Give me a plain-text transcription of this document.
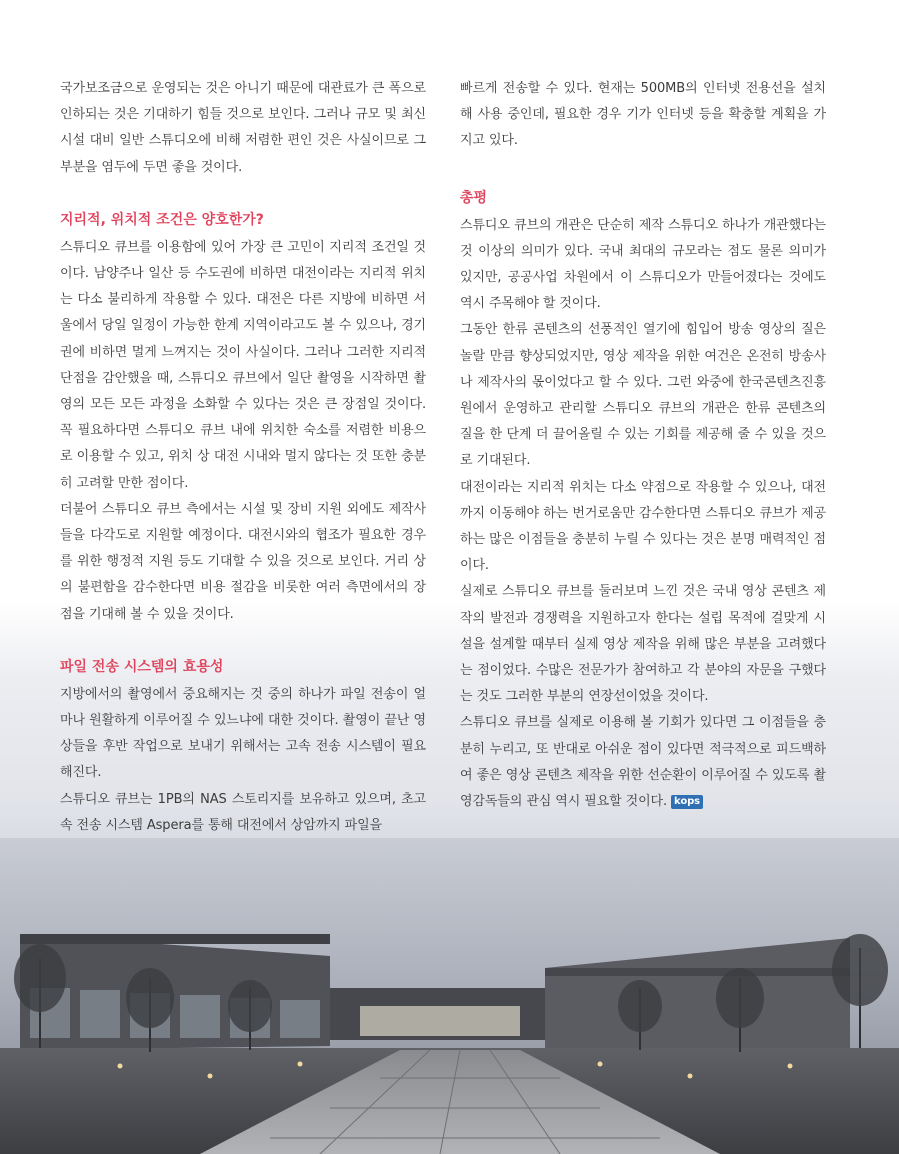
국가보조금으로 운영되는 것은 아니기 때문에 대관료가 큰 폭으로 인하되는 것은 기대하기 힘들 것으로 보인다. 그러나 규모 및 최신 시설 대비 일반 스튜디오에 비해 저렴한 편인 것은 사실이므로 그 부분을 염두에 두면 좋을 것이다.

지리적, 위치적 조건은 양호한가?

스튜디오 큐브를 이용함에 있어 가장 큰 고민이 지리적 조건일 것이다. 남양주나 일산 등 수도권에 비하면 대전이라는 지리적 위치는 다소 불리하게 작용할 수 있다. 대전은 다른 지방에 비하면 서울에서 당일 일정이 가능한 한계 지역이라고도 볼 수 있으나, 경기권에 비하면 멀게 느껴지는 것이 사실이다. 그러나 그러한 지리적 단점을 감안했을 때, 스튜디오 큐브에서 일단 촬영을 시작하면 촬영의 모든 모든 과정을 소화할 수 있다는 것은 큰 장점일 것이다. 꼭 필요하다면 스튜디오 큐브 내에 위치한 숙소를 저렴한 비용으로 이용할 수 있고, 위치 상 대전 시내와 멀지 않다는 것 또한 충분히 고려할 만한 점이다.

더불어 스튜디오 큐브 측에서는 시설 및 장비 지원 외에도 제작사들을 다각도로 지원할 예정이다. 대전시와의 협조가 필요한 경우를 위한 행정적 지원 등도 기대할 수 있을 것으로 보인다. 거리 상의 불편함을 감수한다면 비용 절감을 비롯한 여러 측면에서의 장점을 기대해 볼 수 있을 것이다.

파일 전송 시스템의 효용성

지방에서의 촬영에서 중요해지는 것 중의 하나가 파일 전송이 얼마나 원활하게 이루어질 수 있느냐에 대한 것이다. 촬영이 끝난 영상들을 후반 작업으로 보내기 위해서는 고속 전송 시스템이 필요해진다.

스튜디오 큐브는 1PB의 NAS 스토리지를 보유하고 있으며, 초고속 전송 시스템 Aspera를 통해 대전에서 상암까지 파일을

빠르게 전송할 수 있다. 현재는 500MB의 인터넷 전용선을 설치해 사용 중인데, 필요한 경우 기가 인터넷 등을 확충할 계획을 가지고 있다.

총평

스튜디오 큐브의 개관은 단순히 제작 스튜디오 하나가 개관했다는 것 이상의 의미가 있다. 국내 최대의 규모라는 점도 물론 의미가 있지만, 공공사업 차원에서 이 스튜디오가 만들어졌다는 것에도 역시 주목해야 할 것이다.

그동안 한류 콘텐츠의 선풍적인 열기에 힘입어 방송 영상의 질은 놀랄 만큼 향상되었지만, 영상 제작을 위한 여건은 온전히 방송사나 제작사의 몫이었다고 할 수 있다. 그런 와중에 한국콘텐츠진흥원에서 운영하고 관리할 스튜디오 큐브의 개관은 한류 콘텐츠의 질을 한 단계 더 끌어올릴 수 있는 기회를 제공해 줄 수 있을 것으로 기대된다.

대전이라는 지리적 위치는 다소 약점으로 작용할 수 있으나, 대전까지 이동해야 하는 번거로움만 감수한다면 스튜디오 큐브가 제공하는 많은 이점들을 충분히 누릴 수 있다는 것은 분명 매력적인 점이다.

실제로 스튜디오 큐브를 둘러보며 느낀 것은 국내 영상 콘텐츠 제작의 발전과 경쟁력을 지원하고자 한다는 설립 목적에 걸맞게 시설을 설계할 때부터 실제 영상 제작을 위해 많은 부분을 고려했다는 점이었다. 수많은 전문가가 참여하고 각 분야의 자문을 구했다는 것도 그러한 부분의 연장선이었을 것이다.

스튜디오 큐브를 실제로 이용해 볼 기회가 있다면 그 이점들을 충분히 누리고, 또 반대로 아쉬운 점이 있다면 적극적으로 피드백하여 좋은 영상 콘텐츠 제작을 위한 선순환이 이루어질 수 있도록 촬영감독들의 관심 역시 필요할 것이다. kops
